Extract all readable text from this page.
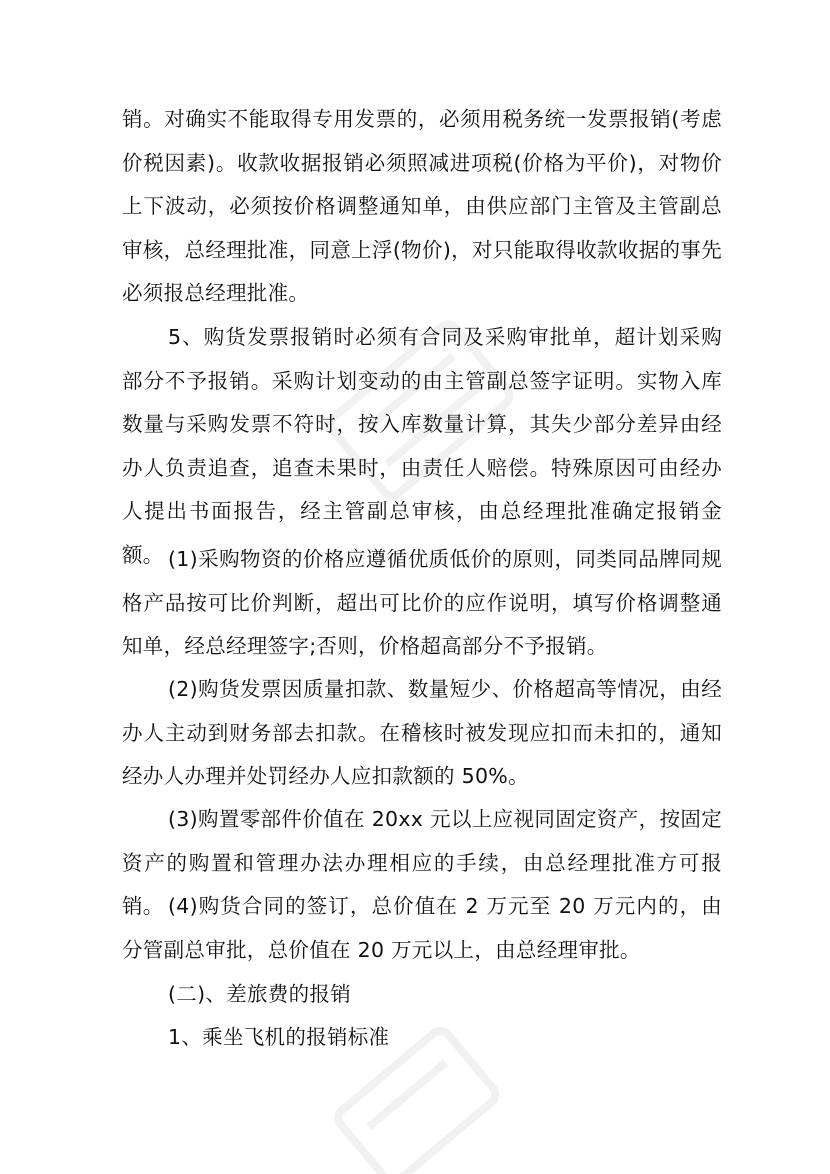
销。对确实不能取得专用发票的，必须用税务统一发票报销(考虑价税因素)。收款收据报销必须照减进项税(价格为平价)，对物价上下波动，必须按价格调整通知单，由供应部门主管及主管副总审核，总经理批准，同意上浮(物价)，对只能取得收款收据的事先必须报总经理批准。

5、购货发票报销时必须有合同及采购审批单，超计划采购部分不予报销。采购计划变动的由主管副总签字证明。实物入库数量与采购发票不符时，按入库数量计算，其失少部分差异由经办人负责追查，追查未果时，由责任人赔偿。特殊原因可由经办人提出书面报告，经主管副总审核，由总经理批准确定报销金额。 (1)采购物资的价格应遵循优质低价的原则，同类同品牌同规格产品按可比价判断，超出可比价的应作说明，填写价格调整通知单，经总经理签字;否则，价格超高部分不予报销。

(2)购货发票因质量扣款、数量短少、价格超高等情况，由经办人主动到财务部去扣款。在稽核时被发现应扣而未扣的，通知经办人办理并处罚经办人应扣款额的 50%。

(3)购置零部件价值在 20xx 元以上应视同固定资产，按固定资产的购置和管理办法办理相应的手续，由总经理批准方可报销。 (4)购货合同的签订，总价值在 2 万元至 20 万元内的，由分管副总审批，总价值在 20 万元以上，由总经理审批。

(二)、差旅费的报销

1、乘坐飞机的报销标准
